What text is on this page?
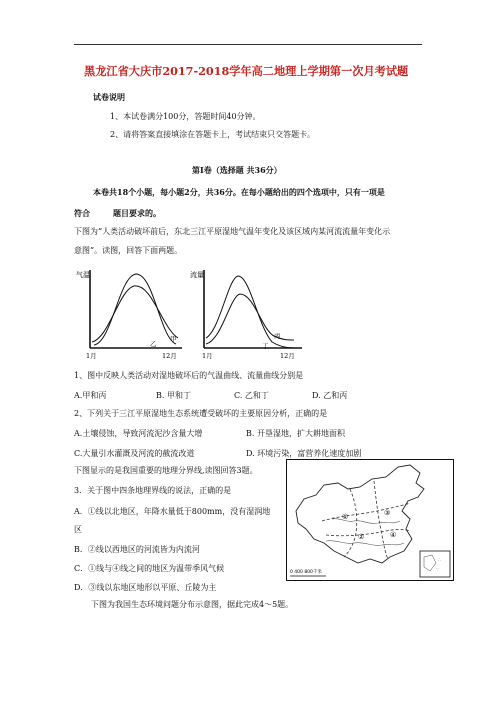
黑龙江省大庆市2017-2018学年高二地理上学期第一次月考试题
试卷说明
1、本试卷满分100分，答题时间40分钟。
2、请将答案直接填涂在答题卡上，考试结束只交答题卡。
第I卷（选择题 共36分）
本卷共18个小题，每小题2分，共36分。在每小题给出的四个选项中，只有一项是
符合	题目要求的。
下图为“人类活动破坏前后，东北三江平原湿地气温年变化及该区域内某河流流量年变化示
意图”。读图，回答下面两题。
气温
甲
乙
1月	12月
流量
丙
丁
1月	12月
1、图中反映人类活动对湿地破坏后的气温曲线、流量曲线分别是
A.甲和丙	B. 甲和丁	C. 乙和丁	D. 乙和丙
2、下列关于三江平原湿地生态系统遭受破坏的主要原因分析，正确的是
A.土壤侵蚀，导致河流泥沙含量大增	B. 开垦湿地，扩大耕地面积
C.大量引水灌溉及河流的截流改道	D. 环境污染，富营养化速度加剧
下图显示的是我国重要的地理分界线,读图回答3题。
3．关于图中四条地理界线的说法，正确的是
A．①线以北地区，年降水量低于800mm，没有湿润地
区
B．②线以西地区的河流皆为内流河
C．①线与④线之间的地区为温带季风气候
D．③线以东地区地形以平原、丘陵为主
①
②
③
④
∴
∵
0 400 800千米
下图为我国生态环境问题分布示意图，据此完成4～5题。
